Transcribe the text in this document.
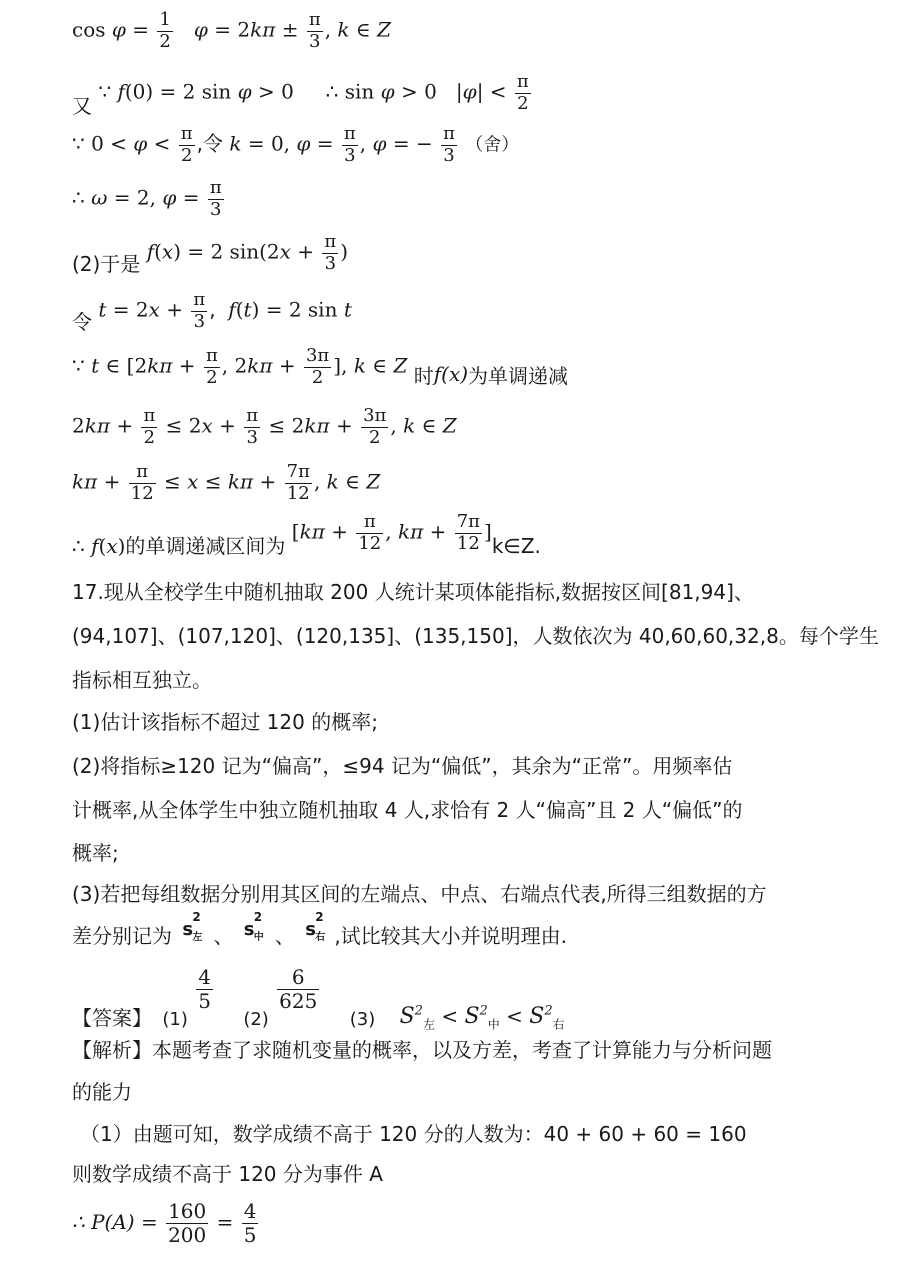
$\cos \varphi = \frac{1}{2}$ $\varphi = 2k\pi \pm \frac{\pi}{3}$ , k ∈ Z
又 ∵ f(0) = 2 sin φ > 0     ∴ sin φ > 0   $|\varphi| < \frac{\pi}{2}$
∵ $0 < \varphi < \frac{\pi}{2}$ ,令 k = 0, $\varphi = \frac{\pi}{3}$ , φ = − $\frac{\pi}{3}$ （舍）
∴ ω = 2, $\varphi = \frac{\pi}{3}$
(2)于是 f(x) = 2 $\sin(2x + \frac{\pi}{3}$ )
令 $t = 2x + \frac{\pi}{3}$ ,  f(t) = 2 sin t
∵ t ∈ [$2k\pi + \frac{\pi}{2}$ , $2k\pi + \frac{3\pi}{2}$ ], k ∈ Z 时f(x)为单调递减
$2k\pi + \frac{\pi}{2} \le 2x + \frac{\pi}{3} \le 2k\pi + \frac{3\pi}{2}$ , k ∈ Z
$k\pi + \frac{\pi}{12} \le x \le k\pi + \frac{7\pi}{12}$ , k ∈ Z
∴ f(x)的单调递减区间为 [$k\pi + \frac{\pi}{12}$ , $k\pi + \frac{7\pi}{12}$ ]k∈Z.
17.现从全校学生中随机抽取 200 人统计某项体能指标,数据按区间[81,94]、
(94,107]、(107,120]、(120,135]、(135,150]，人数依次为 40,60,60,32,8。每个学生
指标相互独立。
(1)估计该指标不超过 120 的概率;
(2)将指标≥120 记为“偏高”，≤94 记为“偏低”，其余为“正常”。用频率估
计概率,从全体学生中独立随机抽取 4 人,求恰有 2 人“偏高”且 2 人“偏低”的
概率;
(3)若把每组数据分别用其区间的左端点、中点、右端点代表,所得三组数据的方
差分别记为 s
2
左 、 s
2
中 、 s
2
右 ,试比较其大小并说明理由.
【答案】 (1)
$\frac{4}{5}$
(2)
$\frac{6}{625}$
(3) $S^2_左 < S^2_中 < S^2_右$
【解析】本题考查了求随机变量的概率，以及方差，考查了计算能力与分析问题
的能力
（1）由题可知，数学成绩不高于 120 分的人数为：40 + 60 + 60 = 160
则数学成绩不高于 120 分为事件 A
∴ $P(A) = \frac{160}{200} = \frac{4}{5}$
